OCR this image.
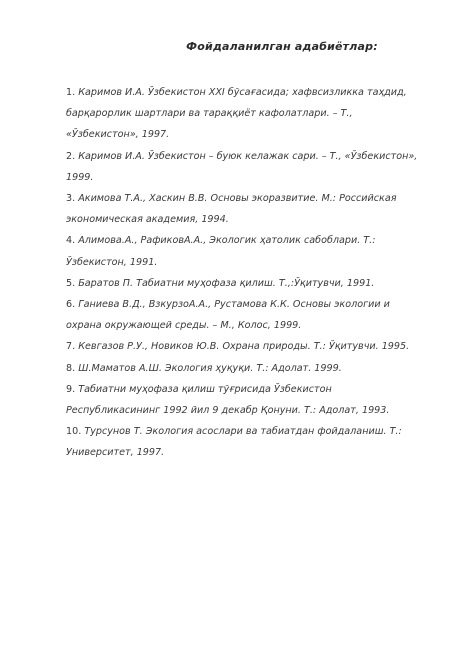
Фойдаланилган адабиётлар:
1. Каримов И.А. Ўзбекистон XXI бўсағасида; хафвсизликка таҳдид, барқарорлик шартлари ва тараққиёт кафолатлари. – Т., «Ўзбекистон», 1997.
2. Каримов И.А. Ўзбекистон – буюк келажак сари. – Т., «Ўзбекистон», 1999.
3. Акимова Т.А., Хаскин В.В. Основы экоразвитие. М.: Российская экономическая академия, 1994.
4. Алимова.А., РафиковА.А., Экологик ҳатолик сабоблари. Т.: Ўзбекистон, 1991.
5. Баратов П. Табиатни муҳофаза қилиш. Т.,:Ўқитувчи, 1991.
6. Ганиева В.Д., ВзкурзоА.А., Рустамова К.К. Основы экологии и охрана окружающей среды. – М., Колос, 1999.
7. Кевгазов Р.У., Новиков Ю.В. Охрана природы. Т.: Ўқитувчи. 1995.
8. Ш.Маматов А.Ш. Экология ҳуқуқи. Т.: Адолат. 1999.
9. Табиатни муҳофаза қилиш тўғрисида Ўзбекистон Республикасининг 1992 йил 9 декабр Қонуни. Т.: Адолат, 1993.
10. Турсунов Т. Экология асослари ва табиатдан фойдаланиш. Т.: Университет, 1997.
